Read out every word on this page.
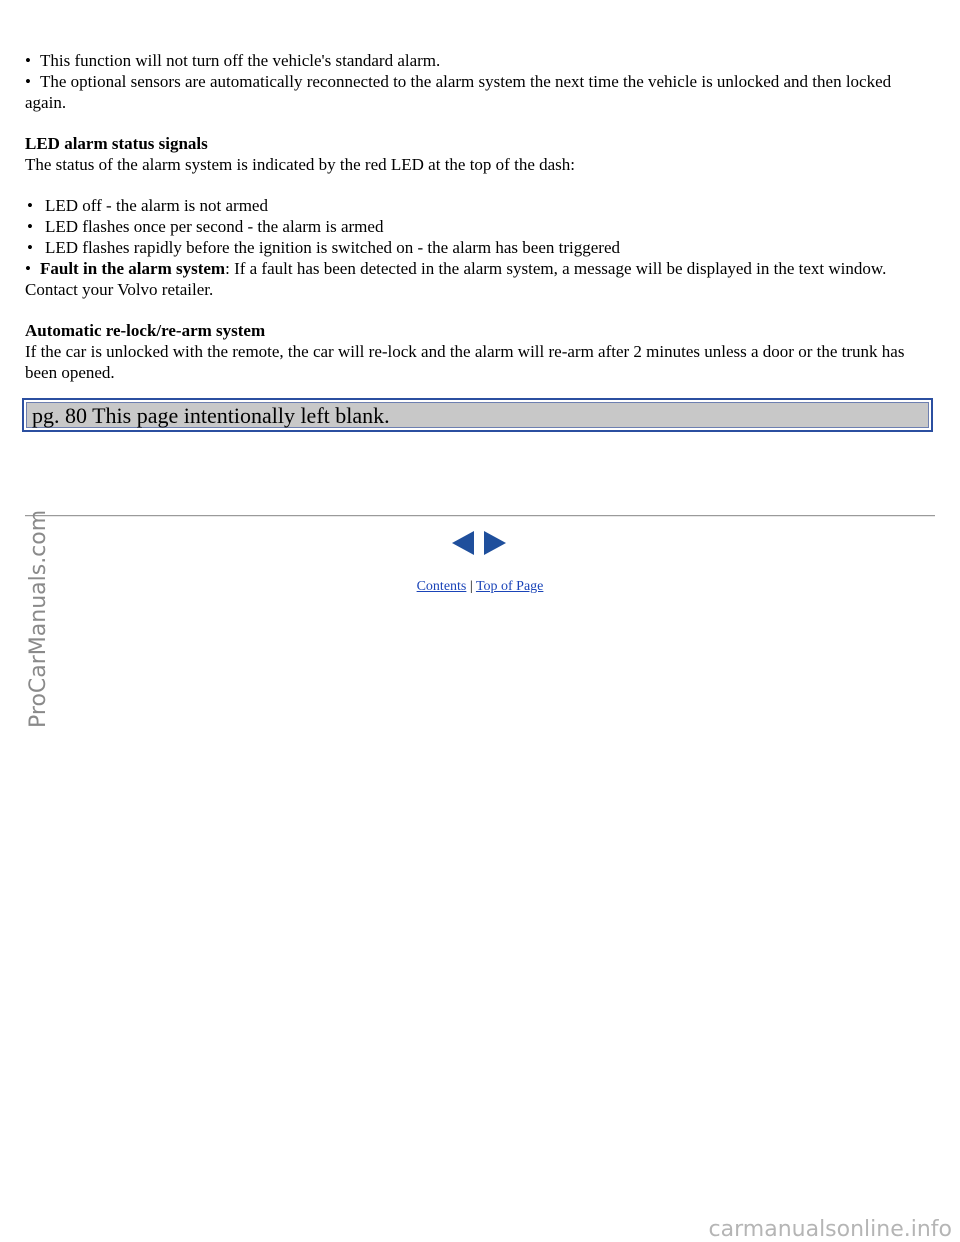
• This function will not turn off the vehicle's standard alarm.
• The optional sensors are automatically reconnected to the alarm system the next time the vehicle is unlocked and then locked again.
LED alarm status signals
The status of the alarm system is indicated by the red LED at the top of the dash:
• LED off - the alarm is not armed
• LED flashes once per second - the alarm is armed
• LED flashes rapidly before the ignition is switched on - the alarm has been triggered
• Fault in the alarm system: If a fault has been detected in the alarm system, a message will be displayed in the text window. Contact your Volvo retailer.
Automatic re-lock/re-arm system
If the car is unlocked with the remote, the car will re-lock and the alarm will re-arm after 2 minutes unless a door or the trunk has been opened.
pg. 80 This page intentionally left blank.
Contents | Top of Page
ProCarManuals.com
carmanualsonline.info
